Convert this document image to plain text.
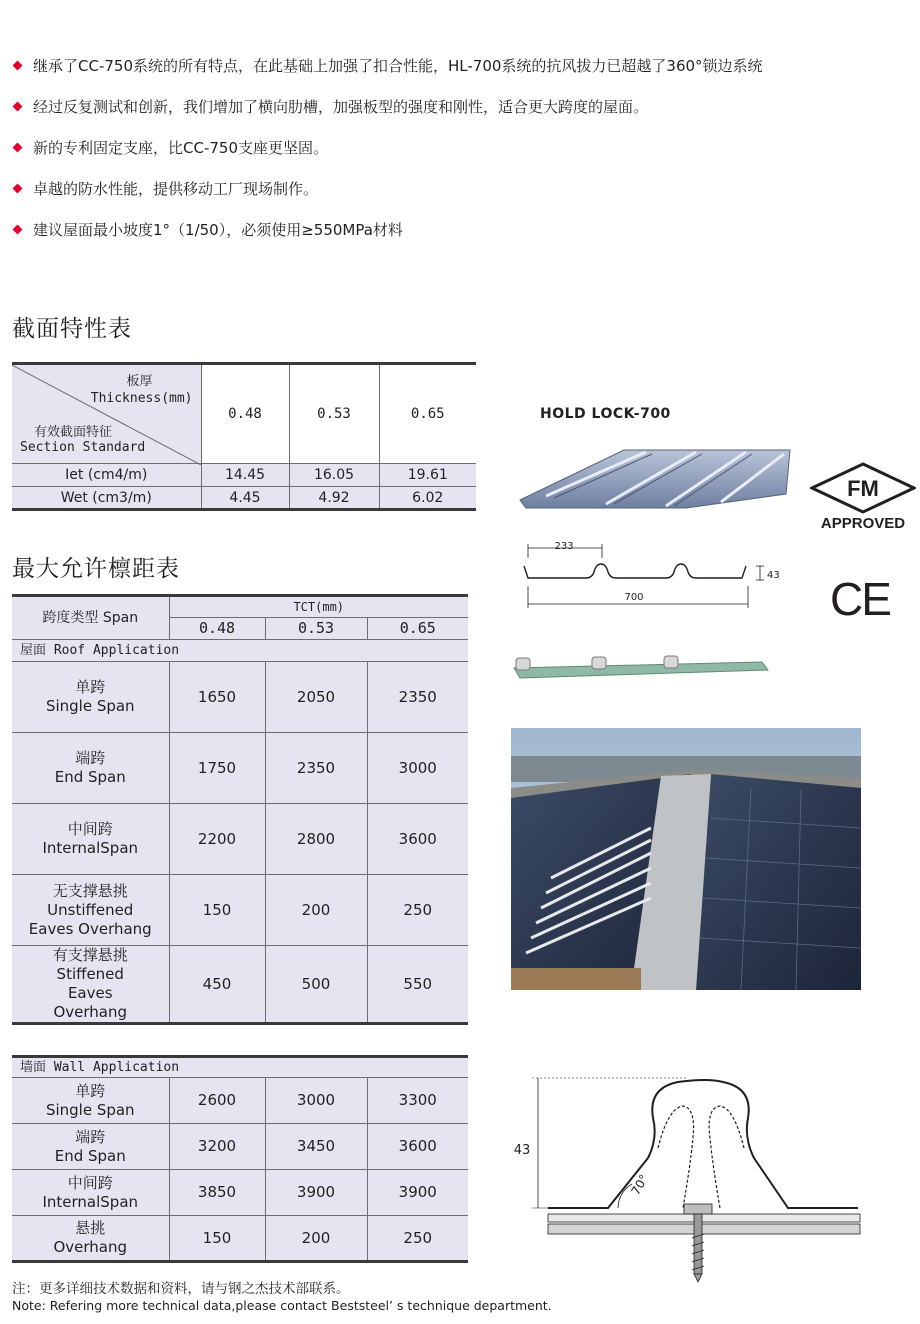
继承了CC-750系统的所有特点，在此基础上加强了扣合性能，HL-700系统的抗风拔力已超越了360°锁边系统
经过反复测试和创新，我们增加了横向肋槽，加强板型的强度和刚性，适合更大跨度的屋面。
新的专利固定支座，比CC-750支座更坚固。
卓越的防水性能，提供移动工厂现场制作。
建议屋面最小坡度1°（1/50），必须使用≥550MPa材料
截面特性表
板厚
Thickness(mm)
有效截面特征
Section Standard	0.48	0.53	0.65
Iet (cm4/m)	14.45	16.05	19.61
Wet (cm3/m)	4.45	4.92	6.02
最大允许檩距表
跨度类型 Span	TCT(mm)		
	0.48	0.53	0.65
屋面 Roof Application			

单跨
Single Span	1650	2050	2350

端跨
End Span	1750	2350	3000

中间跨
InternalSpan	2200	2800	3600

无支撑悬挑
Unstiffened Eaves Overhang	150	200	250

有支撑悬挑
Stiffened Eaves Overhang	450	500	550
墙面 Wall Application			

单跨
Single Span	2600	3000	3300

端跨
End Span	3200	3450	3600

中间跨
InternalSpan	3850	3900	3900

悬挑
Overhang	150	200	250
注：更多详细技术数据和资料，请与钢之杰技术部联系。
Note: Refering more technical data,please contact Beststeel’ s technique department.
HOLD LOCK-700
FM
APPROVED
CE
233
700
43
43
70°
